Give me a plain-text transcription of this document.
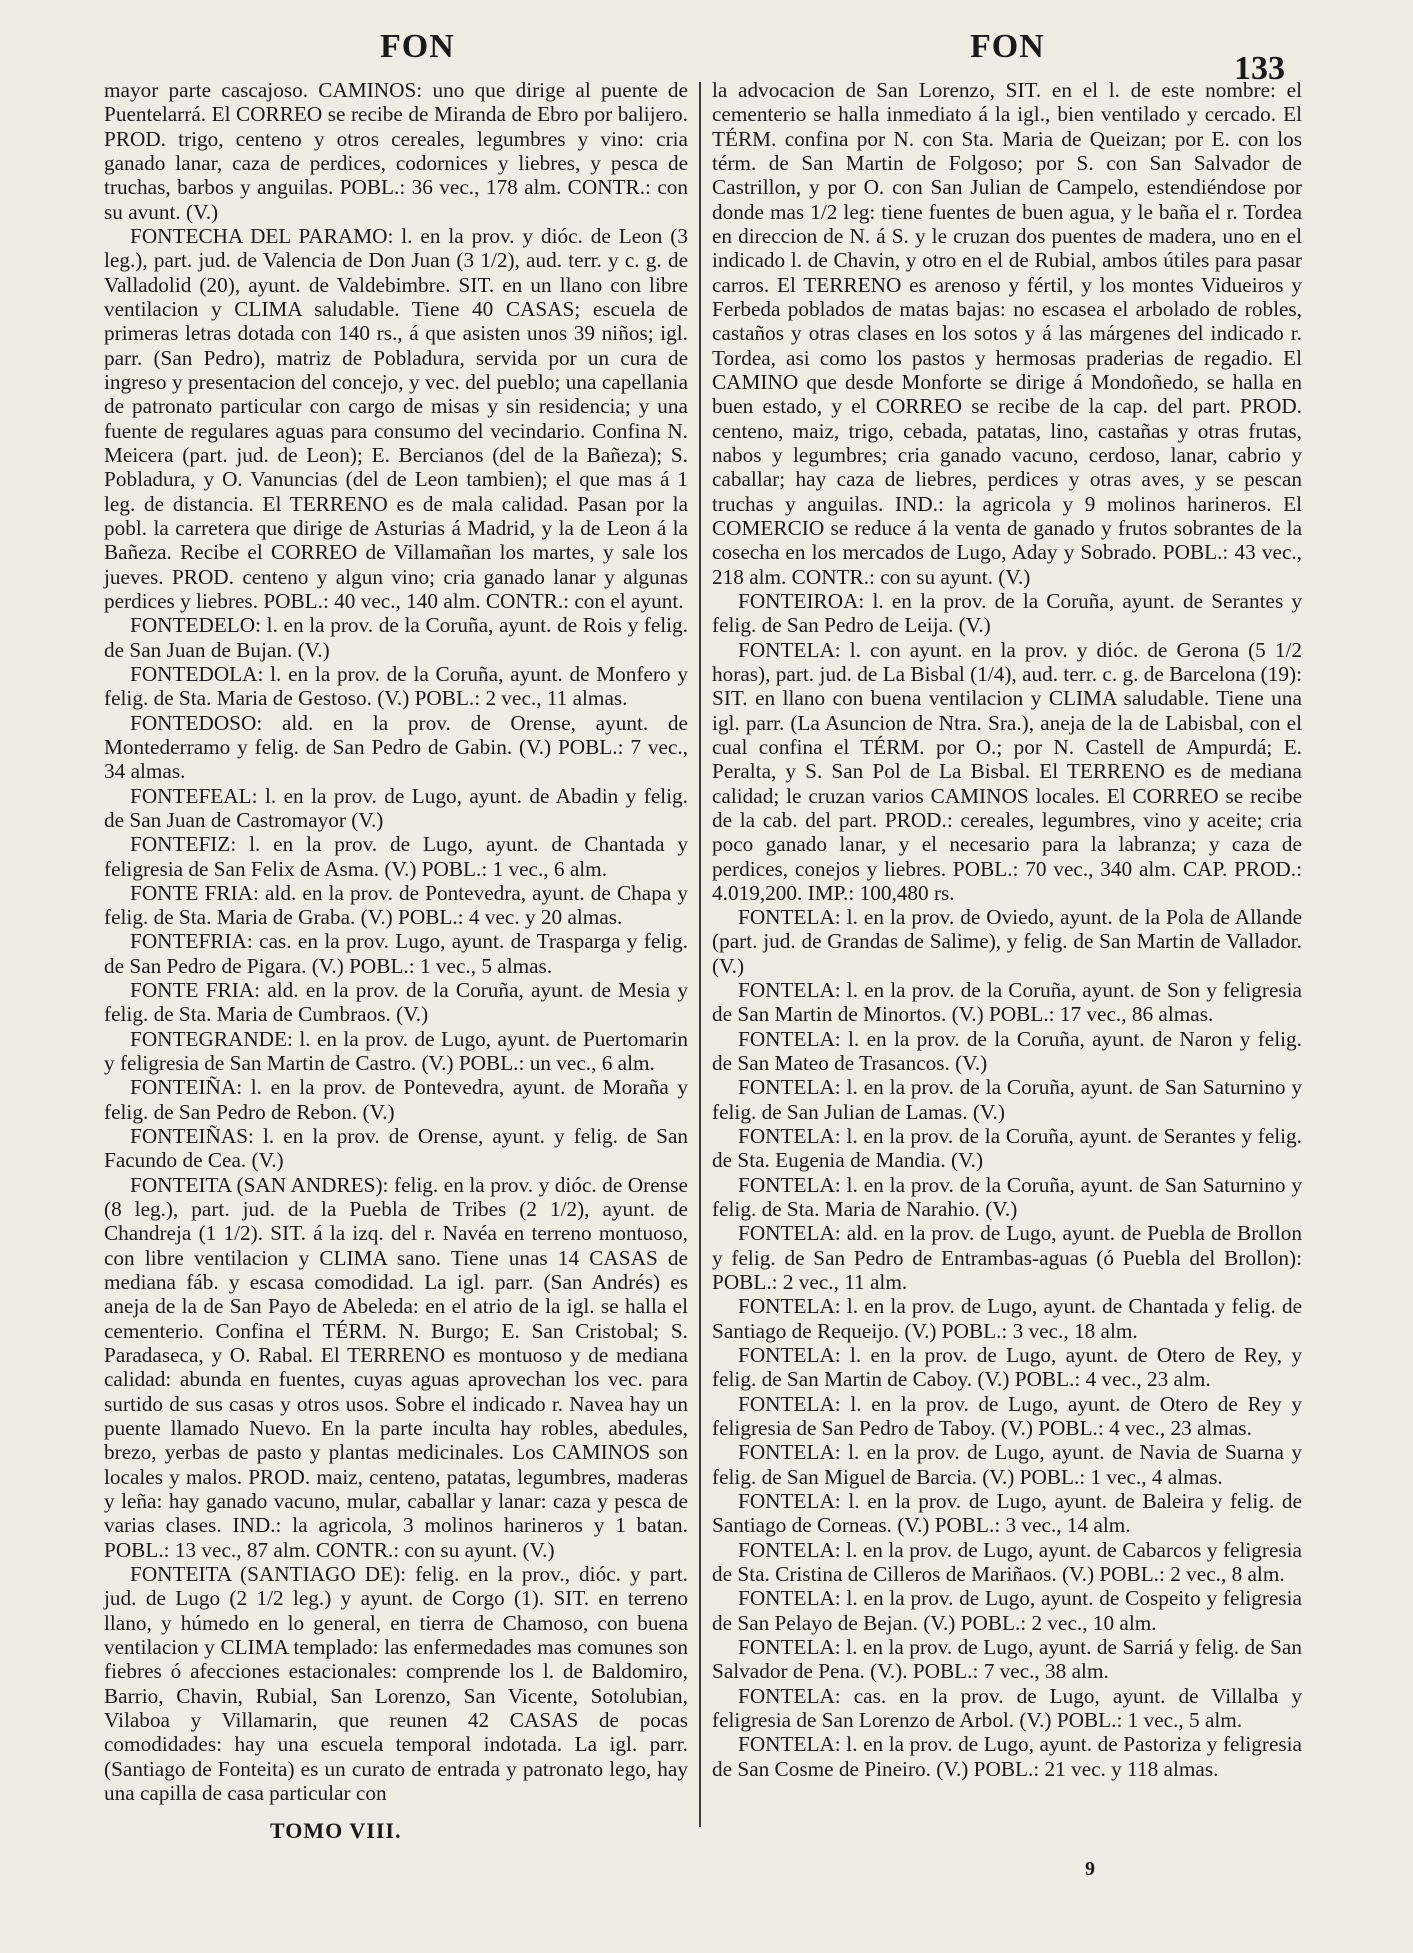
FON	FON
133

mayor parte cascajoso. CAMINOS: uno que dirige al puente de Puentelarrá. El CORREO se recibe de Miranda de Ebro por balijero. PROD. trigo, centeno y otros cereales, legumbres y vino: cria ganado lanar, caza de perdices, codornices y liebres, y pesca de truchas, barbos y anguilas. POBL.: 36 vec., 178 alm. CONTR.: con su avunt. (V.)

FONTECHA DEL PARAMO: l. en la prov. y dióc. de Leon (3 leg.), part. jud. de Valencia de Don Juan (3 1/2), aud. terr. y c. g. de Valladolid (20), ayunt. de Valdebimbre. SIT. en un llano con libre ventilacion y CLIMA saludable. Tiene 40 CASAS; escuela de primeras letras dotada con 140 rs., á que asisten unos 39 niños; igl. parr. (San Pedro), matriz de Pobladura, servida por un cura de ingreso y presentacion del concejo, y vec. del pueblo; una capellania de patronato particular con cargo de misas y sin residencia; y una fuente de regulares aguas para consumo del vecindario. Confina N. Meicera (part. jud. de Leon); E. Bercianos (del de la Bañeza); S. Pobladura, y O. Vanuncias (del de Leon tambien); el que mas á 1 leg. de distancia. El TERRENO es de mala calidad. Pasan por la pobl. la carretera que dirige de Asturias á Madrid, y la de Leon á la Bañeza. Recibe el CORREO de Villamañan los martes, y sale los jueves. PROD. centeno y algun vino; cria ganado lanar y algunas perdices y liebres. POBL.: 40 vec., 140 alm. CONTR.: con el ayunt.

FONTEDELO: l. en la prov. de la Coruña, ayunt. de Rois y felig. de San Juan de Bujan. (V.)

FONTEDOLA: l. en la prov. de la Coruña, ayunt. de Monfero y felig. de Sta. Maria de Gestoso. (V.) POBL.: 2 vec., 11 almas.

FONTEDOSO: ald. en la prov. de Orense, ayunt. de Montederramo y felig. de San Pedro de Gabin. (V.) POBL.: 7 vec., 34 almas.

FONTEFEAL: l. en la prov. de Lugo, ayunt. de Abadin y felig. de San Juan de Castromayor (V.)

FONTEFIZ: l. en la prov. de Lugo, ayunt. de Chantada y feligresia de San Felix de Asma. (V.) POBL.: 1 vec., 6 alm.

FONTE FRIA: ald. en la prov. de Pontevedra, ayunt. de Chapa y felig. de Sta. Maria de Graba. (V.) POBL.: 4 vec. y 20 almas.

FONTEFRIA: cas. en la prov. Lugo, ayunt. de Trasparga y felig. de San Pedro de Pigara. (V.) POBL.: 1 vec., 5 almas.

FONTE FRIA: ald. en la prov. de la Coruña, ayunt. de Mesia y felig. de Sta. Maria de Cumbraos. (V.)

FONTEGRANDE: l. en la prov. de Lugo, ayunt. de Puertomarin y feligresia de San Martin de Castro. (V.) POBL.: un vec., 6 alm.

FONTEIÑA: l. en la prov. de Pontevedra, ayunt. de Moraña y felig. de San Pedro de Rebon. (V.)

FONTEIÑAS: l. en la prov. de Orense, ayunt. y felig. de San Facundo de Cea. (V.)

FONTEITA (SAN ANDRES): felig. en la prov. y dióc. de Orense (8 leg.), part. jud. de la Puebla de Tribes (2 1/2), ayunt. de Chandreja (1 1/2). SIT. á la izq. del r. Navéa en terreno montuoso, con libre ventilacion y CLIMA sano. Tiene unas 14 CASAS de mediana fáb. y escasa comodidad. La igl. parr. (San Andrés) es aneja de la de San Payo de Abeleda: en el atrio de la igl. se halla el cementerio. Confina el TÉRM. N. Burgo; E. San Cristobal; S. Paradaseca, y O. Rabal. El TERRENO es montuoso y de mediana calidad: abunda en fuentes, cuyas aguas aprovechan los vec. para surtido de sus casas y otros usos. Sobre el indicado r. Navea hay un puente llamado Nuevo. En la parte inculta hay robles, abedules, brezo, yerbas de pasto y plantas medicinales. Los CAMINOS son locales y malos. PROD. maiz, centeno, patatas, legumbres, maderas y leña: hay ganado vacuno, mular, caballar y lanar: caza y pesca de varias clases. IND.: la agricola, 3 molinos harineros y 1 batan. POBL.: 13 vec., 87 alm. CONTR.: con su ayunt. (V.)

FONTEITA (SANTIAGO DE): felig. en la prov., dióc. y part. jud. de Lugo (2 1/2 leg.) y ayunt. de Corgo (1). SIT. en terreno llano, y húmedo en lo general, en tierra de Chamoso, con buena ventilacion y CLIMA templado: las enfermedades mas comunes son fiebres ó afecciones estacionales: comprende los l. de Baldomiro, Barrio, Chavin, Rubial, San Lorenzo, San Vicente, Sotolubian, Vilaboa y Villamarin, que reunen 42 CASAS de pocas comodidades: hay una escuela temporal indotada. La igl. parr. (Santiago de Fonteita) es un curato de entrada y patronato lego, hay una capilla de casa particular con

la advocacion de San Lorenzo, SIT. en el l. de este nombre: el cementerio se halla inmediato á la igl., bien ventilado y cercado. El TÉRM. confina por N. con Sta. Maria de Queizan; por E. con los térm. de San Martin de Folgoso; por S. con San Salvador de Castrillon, y por O. con San Julian de Campelo, estendiéndose por donde mas 1/2 leg: tiene fuentes de buen agua, y le baña el r. Tordea en direccion de N. á S. y le cruzan dos puentes de madera, uno en el indicado l. de Chavin, y otro en el de Rubial, ambos útiles para pasar carros. El TERRENO es arenoso y fértil, y los montes Vidueiros y Ferbeda poblados de matas bajas: no escasea el arbolado de robles, castaños y otras clases en los sotos y á las márgenes del indicado r. Tordea, asi como los pastos y hermosas praderias de regadio. El CAMINO que desde Monforte se dirige á Mondoñedo, se halla en buen estado, y el CORREO se recibe de la cap. del part. PROD. centeno, maiz, trigo, cebada, patatas, lino, castañas y otras frutas, nabos y legumbres; cria ganado vacuno, cerdoso, lanar, cabrio y caballar; hay caza de liebres, perdices y otras aves, y se pescan truchas y anguilas. IND.: la agricola y 9 molinos harineros. El COMERCIO se reduce á la venta de ganado y frutos sobrantes de la cosecha en los mercados de Lugo, Aday y Sobrado. POBL.: 43 vec., 218 alm. CONTR.: con su ayunt. (V.)

FONTEIROA: l. en la prov. de la Coruña, ayunt. de Serantes y felig. de San Pedro de Leija. (V.)

FONTELA: l. con ayunt. en la prov. y dióc. de Gerona (5 1/2 horas), part. jud. de La Bisbal (1/4), aud. terr. c. g. de Barcelona (19): SIT. en llano con buena ventilacion y CLIMA saludable. Tiene una igl. parr. (La Asuncion de Ntra. Sra.), aneja de la de Labisbal, con el cual confina el TÉRM. por O.; por N. Castell de Ampurdá; E. Peralta, y S. San Pol de La Bisbal. El TERRENO es de mediana calidad; le cruzan varios CAMINOS locales. El CORREO se recibe de la cab. del part. PROD.: cereales, legumbres, vino y aceite; cria poco ganado lanar, y el necesario para la labranza; y caza de perdices, conejos y liebres. POBL.: 70 vec., 340 alm. CAP. PROD.: 4.019,200. IMP.: 100,480 rs.

FONTELA: l. en la prov. de Oviedo, ayunt. de la Pola de Allande (part. jud. de Grandas de Salime), y felig. de San Martin de Vallador. (V.)

FONTELA: l. en la prov. de la Coruña, ayunt. de Son y feligresia de San Martin de Minortos. (V.) POBL.: 17 vec., 86 almas.

FONTELA: l. en la prov. de la Coruña, ayunt. de Naron y felig. de San Mateo de Trasancos. (V.)

FONTELA: l. en la prov. de la Coruña, ayunt. de San Saturnino y felig. de San Julian de Lamas. (V.)

FONTELA: l. en la prov. de la Coruña, ayunt. de Serantes y felig. de Sta. Eugenia de Mandia. (V.)

FONTELA: l. en la prov. de la Coruña, ayunt. de San Saturnino y felig. de Sta. Maria de Narahio. (V.)

FONTELA: ald. en la prov. de Lugo, ayunt. de Puebla de Brollon y felig. de San Pedro de Entrambas-aguas (ó Puebla del Brollon): POBL.: 2 vec., 11 alm.

FONTELA: l. en la prov. de Lugo, ayunt. de Chantada y felig. de Santiago de Requeijo. (V.) POBL.: 3 vec., 18 alm.

FONTELA: l. en la prov. de Lugo, ayunt. de Otero de Rey, y felig. de San Martin de Caboy. (V.) POBL.: 4 vec., 23 alm.

FONTELA: l. en la prov. de Lugo, ayunt. de Otero de Rey y feligresia de San Pedro de Taboy. (V.) POBL.: 4 vec., 23 almas.

FONTELA: l. en la prov. de Lugo, ayunt. de Navia de Suarna y felig. de San Miguel de Barcia. (V.) POBL.: 1 vec., 4 almas.

FONTELA: l. en la prov. de Lugo, ayunt. de Baleira y felig. de Santiago de Corneas. (V.) POBL.: 3 vec., 14 alm.

FONTELA: l. en la prov. de Lugo, ayunt. de Cabarcos y feligresia de Sta. Cristina de Cilleros de Mariñaos. (V.) POBL.: 2 vec., 8 alm.

FONTELA: l. en la prov. de Lugo, ayunt. de Cospeito y feligresia de San Pelayo de Bejan. (V.) POBL.: 2 vec., 10 alm.

FONTELA: l. en la prov. de Lugo, ayunt. de Sarriá y felig. de San Salvador de Pena. (V.). POBL.: 7 vec., 38 alm.

FONTELA: cas. en la prov. de Lugo, ayunt. de Villalba y feligresia de San Lorenzo de Arbol. (V.) POBL.: 1 vec., 5 alm.

FONTELA: l. en la prov. de Lugo, ayunt. de Pastoriza y feligresia de San Cosme de Pineiro. (V.) POBL.: 21 vec. y 118 almas.

TOMO VIII.
9
